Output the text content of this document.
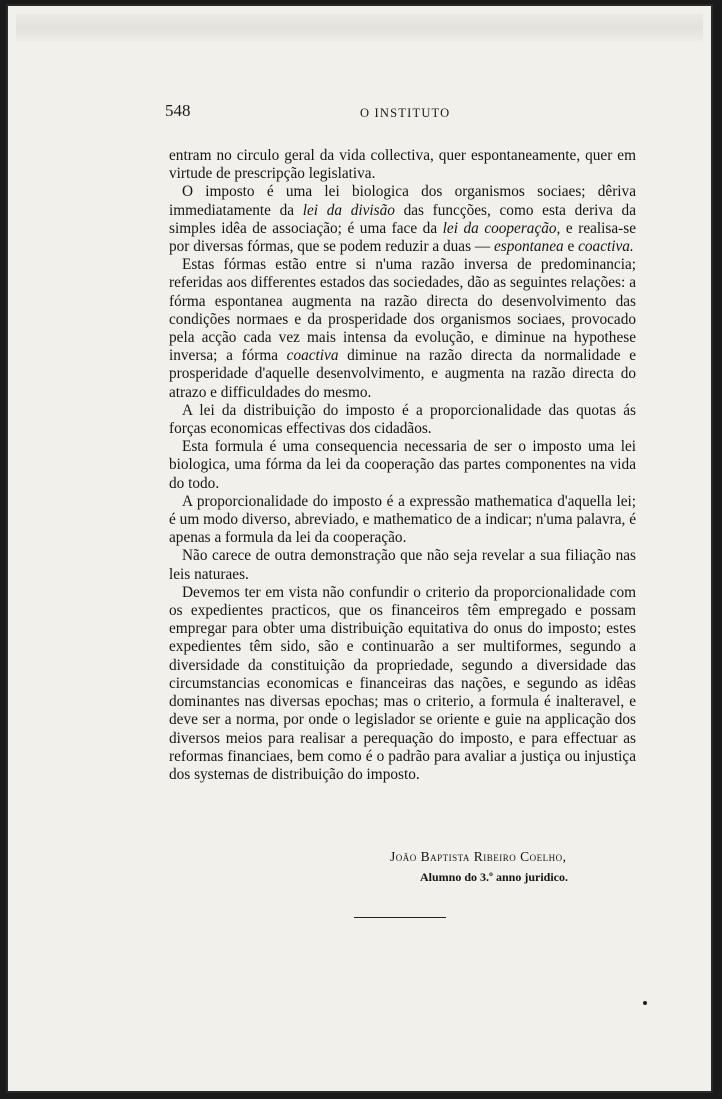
548	O INSTITUTO

entram no circulo geral da vida collectiva, quer espontaneamente, quer em virtude de prescripção legislativa.

O imposto é uma lei biologica dos organismos sociaes; dêriva immediatamente da lei da divisão das funcções, como esta deriva da simples idêa de associação; é uma face da lei da cooperação, e realisa-se por diversas fórmas, que se podem reduzir a duas — espontanea e coactiva.

Estas fórmas estão entre si n'uma razão inversa de predominancia; referidas aos differentes estados das sociedades, dão as seguintes relações: a fórma espontanea augmenta na razão directa do desenvolvimento das condições normaes e da prosperidade dos organismos sociaes, provocado pela acção cada vez mais intensa da evolução, e diminue na hypothese inversa; a fórma coactiva diminue na razão directa da normalidade e prosperidade d'aquelle desenvolvimento, e augmenta na razão directa do atrazo e difficuldades do mesmo.

A lei da distribuição do imposto é a proporcionalidade das quotas ás forças economicas effectivas dos cidadãos.

Esta formula é uma consequencia necessaria de ser o imposto uma lei biologica, uma fórma da lei da cooperação das partes componentes na vida do todo.

A proporcionalidade do imposto é a expressão mathematica d'aquella lei; é um modo diverso, abreviado, e mathematico de a indicar; n'uma palavra, é apenas a formula da lei da cooperação.

Não carece de outra demonstração que não seja revelar a sua filiação nas leis naturaes.

Devemos ter em vista não confundir o criterio da proporcionalidade com os expedientes practicos, que os financeiros têm empregado e possam empregar para obter uma distribuição equitativa do onus do imposto; estes expedientes têm sido, são e continuarão a ser multiformes, segundo a diversidade da constituição da propriedade, segundo a diversidade das circumstancias economicas e financeiras das nações, e segundo as idêas dominantes nas diversas epochas; mas o criterio, a formula é inalteravel, e deve ser a norma, por onde o legislador se oriente e guie na applicação dos diversos meios para realisar a perequação do imposto, e para effectuar as reformas financiaes, bem como é o padrão para avaliar a justiça ou injustiça dos systemas de distribuição do imposto.

João Baptista Ribeiro Coelho,
Alumno do 3.º anno juridico.
